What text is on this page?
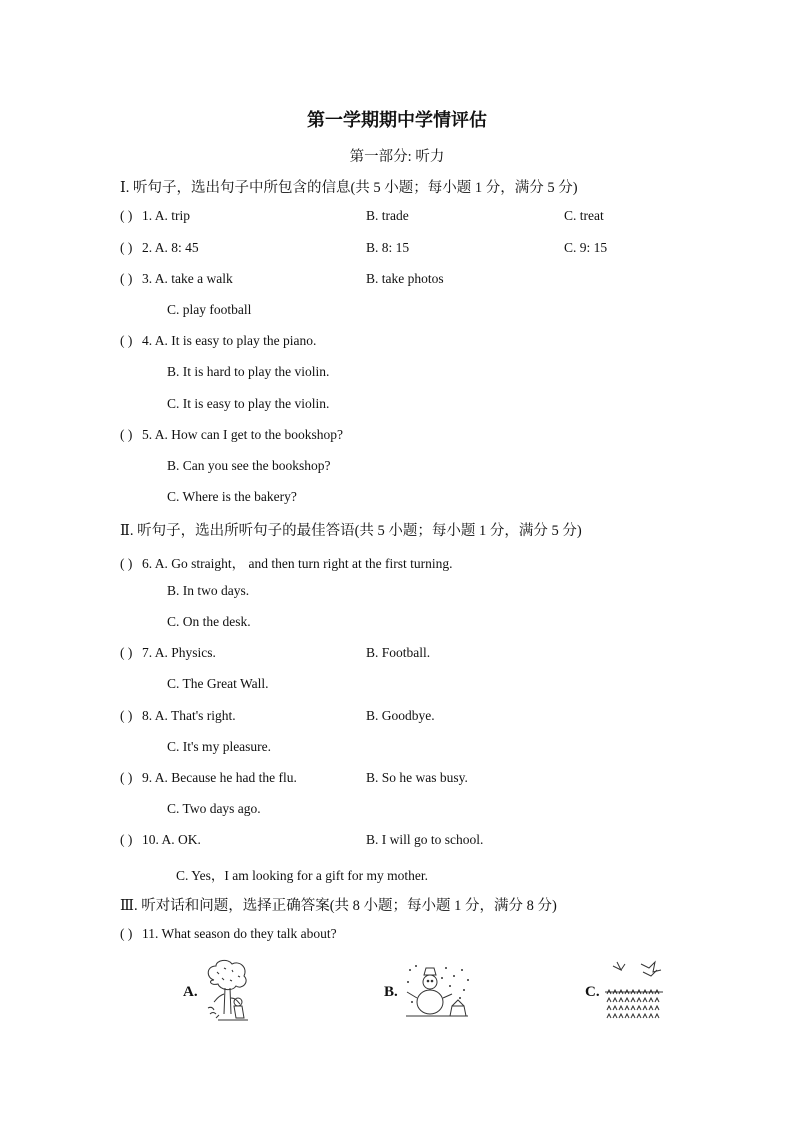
第一学期期中学情评估
第一部分: 听力
Ⅰ. 听句子，选出句子中所包含的信息(共 5 小题；每小题 1 分，满分 5 分)
( ) 1. A. trip	B. trade	C. treat
( ) 2. A. 8: 45	B. 8: 15	C. 9: 15
( ) 3. A. take a walk	B. take photos
C. play football
( ) 4. A. It is easy to play the piano.
B. It is hard to play the violin.
C. It is easy to play the violin.
( ) 5. A. How can I get to the bookshop?
B. Can you see the bookshop?
C. Where is the bakery?
Ⅱ. 听句子，选出所听句子的最佳答语(共 5 小题；每小题 1 分，满分 5 分)
( ) 6. A. Go straight， and then turn right at the first turning.
B. In two days.
C. On the desk.
( ) 7. A. Physics.	B. Football.
C. The Great Wall.
( ) 8. A. That's right.	B. Goodbye.
C. It's my pleasure.
( ) 9. A. Because he had the flu.	B. So he was busy.
C. Two days ago.
( ) 10. A. OK.	B. I will go to school.
C. Yes，I am looking for a gift for my mother.
Ⅲ. 听对话和问题，选择正确答案(共 8 小题；每小题 1 分，满分 8 分)
( ) 11. What season do they talk about?
A.	B.	C.
